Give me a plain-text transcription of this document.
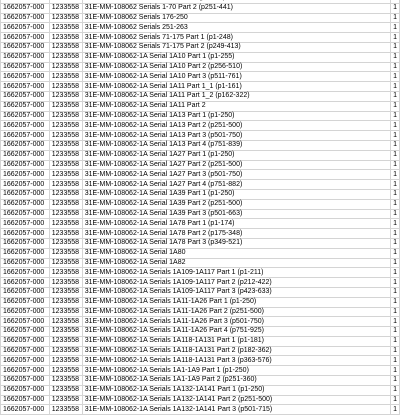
1662057-000	1233558	31E-MM-108062 Serials 1-70 Part 2 (p251-441)	1
1662057-000	1233558	31E-MM-108062 Serials 176-250	1
1662057-000	1233558	31E-MM-108062 Serials 251-263	1
1662057-000	1233558	31E-MM-108062 Serials 71-175 Part 1 (p1-248)	1
1662057-000	1233558	31E-MM-108062 Serials 71-175 Part 2 (p249-413)	1
1662057-000	1233558	31E-MM-108062-1A Serial 1A10 Part 1 (p1-255)	1
1662057-000	1233558	31E-MM-108062-1A Serial 1A10 Part 2 (p256-510)	1
1662057-000	1233558	31E-MM-108062-1A Serial 1A10 Part 3 (p511-761)	1
1662057-000	1233558	31E-MM-108062-1A Serial 1A11 Part 1_1 (p1-161)	1
1662057-000	1233558	31E-MM-108062-1A Serial 1A11 Part 1_2 (p162-322)	1
1662057-000	1233558	31E-MM-108062-1A Serial 1A11 Part 2	1
1662057-000	1233558	31E-MM-108062-1A Serial 1A13 Part 1 (p1-250)	1
1662057-000	1233558	31E-MM-108062-1A Serial 1A13 Part 2 (p251-500)	1
1662057-000	1233558	31E-MM-108062-1A Serial 1A13 Part 3 (p501-750)	1
1662057-000	1233558	31E-MM-108062-1A Serial 1A13 Part 4 (p751-839)	1
1662057-000	1233558	31E-MM-108062-1A Serial 1A27 Part 1 (p1-250)	1
1662057-000	1233558	31E-MM-108062-1A Serial 1A27 Part 2 (p251-500)	1
1662057-000	1233558	31E-MM-108062-1A Serial 1A27 Part 3 (p501-750)	1
1662057-000	1233558	31E-MM-108062-1A Serial 1A27 Part 4 (p751-882)	1
1662057-000	1233558	31E-MM-108062-1A Serial 1A39 Part 1 (p1-250)	1
1662057-000	1233558	31E-MM-108062-1A Serial 1A39 Part 2 (p251-500)	1
1662057-000	1233558	31E-MM-108062-1A Serial 1A39 Part 3 (p501-663)	1
1662057-000	1233558	31E-MM-108062-1A Serial 1A78 Part 1 (p1-174)	1
1662057-000	1233558	31E-MM-108062-1A Serial 1A78 Part 2 (p175-348)	1
1662057-000	1233558	31E-MM-108062-1A Serial 1A78 Part 3 (p349-521)	1
1662057-000	1233558	31E-MM-108062-1A Serial 1A80	1
1662057-000	1233558	31E-MM-108062-1A Serial 1A82	1
1662057-000	1233558	31E-MM-108062-1A Serials 1A109-1A117 Part 1 (p1-211)	1
1662057-000	1233558	31E-MM-108062-1A Serials 1A109-1A117 Part 2 (p212-422)	1
1662057-000	1233558	31E-MM-108062-1A Serials 1A109-1A117 Part 3 (p423-633)	1
1662057-000	1233558	31E-MM-108062-1A Serials 1A11-1A26 Part 1 (p1-250)	1
1662057-000	1233558	31E-MM-108062-1A Serials 1A11-1A26 Part 2 (p251-500)	1
1662057-000	1233558	31E-MM-108062-1A Serials 1A11-1A26 Part 3 (p501-750)	1
1662057-000	1233558	31E-MM-108062-1A Serials 1A11-1A26 Part 4 (p751-925)	1
1662057-000	1233558	31E-MM-108062-1A Serials 1A118-1A131 Part 1 (p1-181)	1
1662057-000	1233558	31E-MM-108062-1A Serials 1A118-1A131 Part 2 (p182-362)	1
1662057-000	1233558	31E-MM-108062-1A Serials 1A118-1A131 Part 3 (p363-576)	1
1662057-000	1233558	31E-MM-108062-1A Serials 1A1-1A9 Part 1 (p1-250)	1
1662057-000	1233558	31E-MM-108062-1A Serials 1A1-1A9 Part 2 (p251-360)	1
1662057-000	1233558	31E-MM-108062-1A Serials 1A132-1A141 Part 1 (p1-250)	1
1662057-000	1233558	31E-MM-108062-1A Serials 1A132-1A141 Part 2 (p251-500)	1
1662057-000	1233558	31E-MM-108062-1A Serials 1A132-1A141 Part 3 (p501-715)	1
